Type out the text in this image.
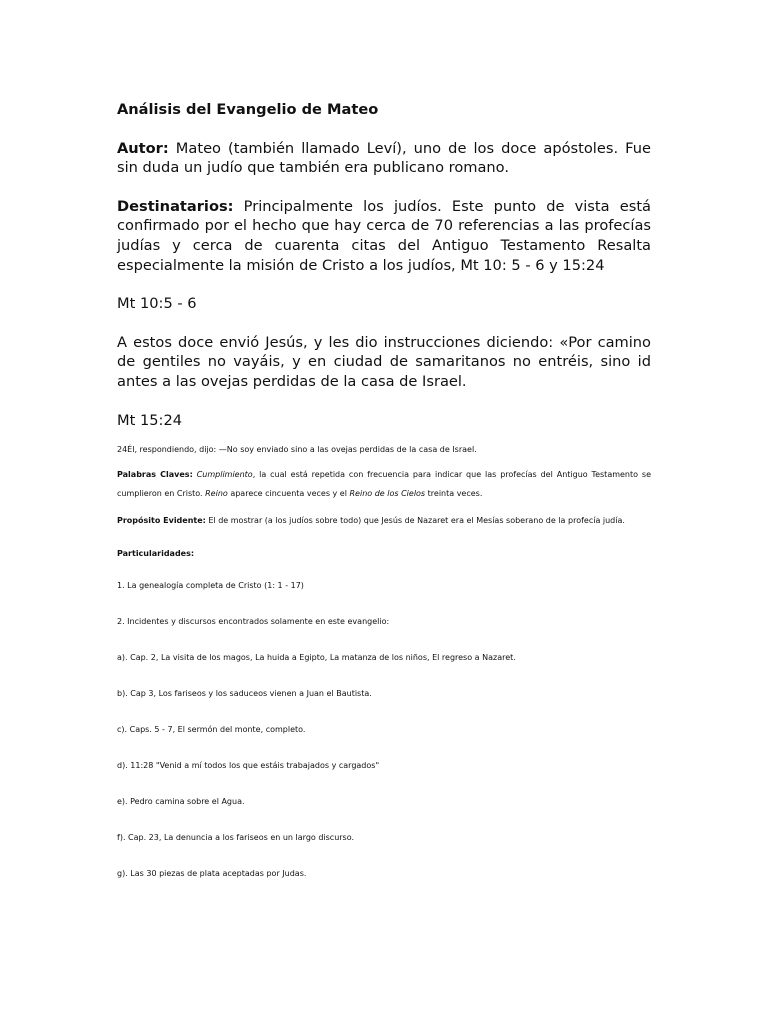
Análisis del Evangelio de Mateo

Autor: Mateo (también llamado Leví), uno de los doce apóstoles. Fue sin duda un judío que también era publicano romano.

Destinatarios: Principalmente los judíos. Este punto de vista está confirmado por el hecho que hay cerca de 70 referencias a las profecías judías y cerca de cuarenta citas del Antiguo Testamento Resalta especialmente la misión de Cristo a los judíos, Mt 10: 5 - 6 y 15:24

Mt 10:5 - 6

A estos doce envió Jesús, y les dio instrucciones diciendo: «Por camino de gentiles no vayáis, y en ciudad de samaritanos no entréis, sino id antes a las ovejas perdidas de la casa de Israel.

Mt 15:24

24Él, respondiendo, dijo: —No soy enviado sino a las ovejas perdidas de la casa de Israel.

Palabras Claves: Cumplimiento, la cual está repetida con frecuencia para indicar que las profecías del Antiguo Testamento se cumplieron en Cristo. Reino aparece cincuenta veces y el Reino de los Cielos treinta veces.

Propósito Evidente: El de mostrar (a los judíos sobre todo) que Jesús de Nazaret era el Mesías soberano de la profecía judía.

Particularidades:

1. La genealogía completa de Cristo (1: 1 - 17)

2. Incidentes y discursos encontrados solamente en este evangelio:

a). Cap. 2, La visita de los magos, La huida a Egipto, La matanza de los niños, El regreso a Nazaret.

b). Cap 3, Los fariseos y los saduceos vienen a Juan el Bautista.

c). Caps. 5 - 7, El sermón del monte, completo.

d). 11:28 "Venid a mí todos los que estáis trabajados y cargados"

e). Pedro camina sobre el Agua.

f). Cap. 23, La denuncia a los fariseos en un largo discurso.

g). Las 30 piezas de plata aceptadas por Judas.
